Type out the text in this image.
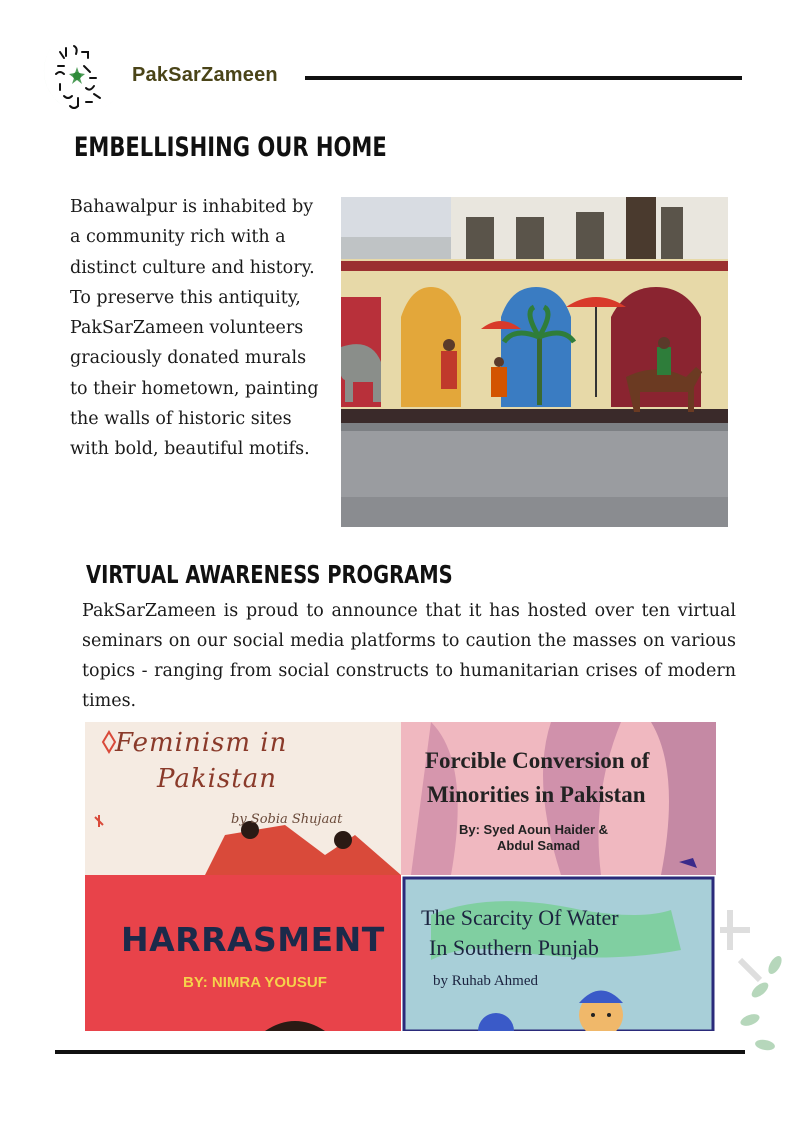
PakSarZameen
EMBELLISHING OUR HOME
Bahawalpur is inhabited by
a community rich with a
distinct culture and history.
To preserve this antiquity,
PakSarZameen volunteers
graciously donated murals
to their hometown, painting
the walls of historic sites
with bold, beautiful motifs.
VIRTUAL AWARENESS PROGRAMS
PakSarZameen is proud to announce that it has hosted over ten virtual seminars on our social media platforms to caution the masses on various topics - ranging from social constructs to humanitarian crises of modern times.
Feminism in
Pakistan
by Sobia Shujaat
Forcible Conversion of
Minorities in Pakistan
By: Syed Aoun Haider &
Abdul Samad
HARRASMENT
BY: NIMRA YOUSUF
The Scarcity Of Water
In Southern Punjab
by Ruhab Ahmed
